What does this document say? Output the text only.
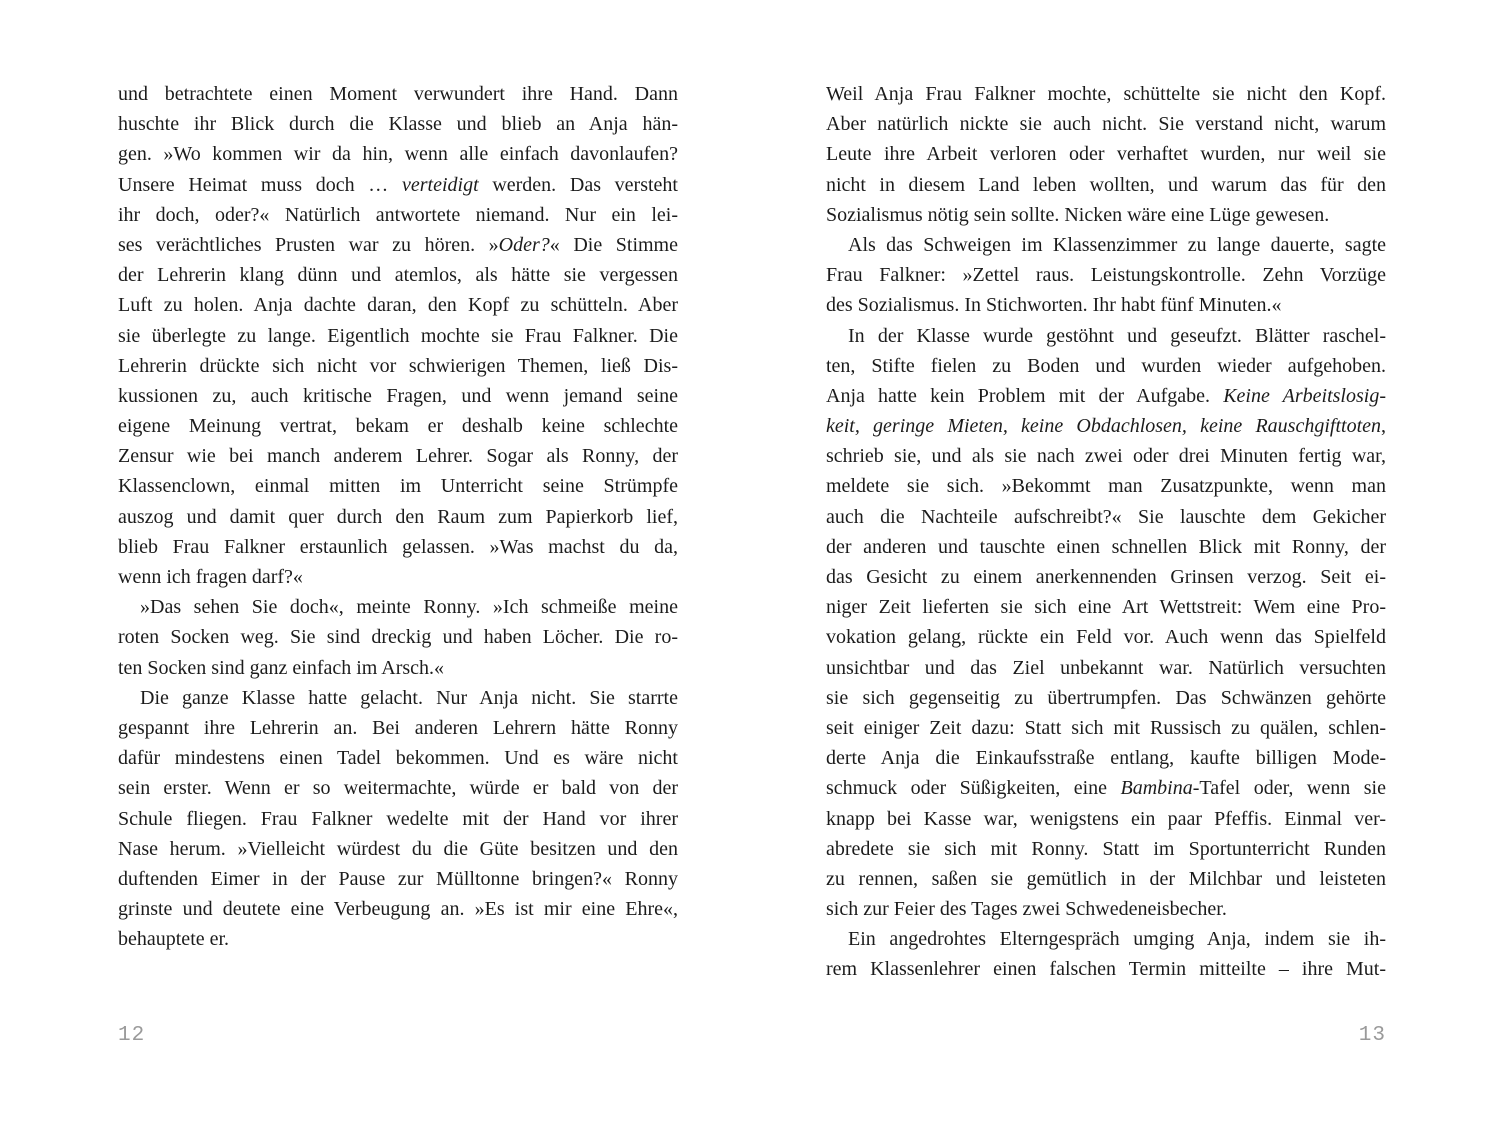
und betrachtete einen Moment verwundert ihre Hand. Dann
huschte ihr Blick durch die Klasse und blieb an Anja hän-
gen. »Wo kommen wir da hin, wenn alle einfach davonlaufen?
Unsere Heimat muss doch … verteidigt werden. Das versteht
ihr doch, oder?« Natürlich antwortete niemand. Nur ein lei-
ses verächtliches Prusten war zu hören. »Oder?« Die Stimme
der Lehrerin klang dünn und atemlos, als hätte sie vergessen
Luft zu holen. Anja dachte daran, den Kopf zu schütteln. Aber
sie überlegte zu lange. Eigentlich mochte sie Frau Falkner. Die
Lehrerin drückte sich nicht vor schwierigen Themen, ließ Dis-
kussionen zu, auch kritische Fragen, und wenn jemand seine
eigene Meinung vertrat, bekam er deshalb keine schlechte
Zensur wie bei manch anderem Lehrer. Sogar als Ronny, der
Klassenclown, einmal mitten im Unterricht seine Strümpfe
auszog und damit quer durch den Raum zum Papierkorb lief,
blieb Frau Falkner erstaunlich gelassen. »Was machst du da,
wenn ich fragen darf?«
»Das sehen Sie doch«, meinte Ronny. »Ich schmeiße meine
roten Socken weg. Sie sind dreckig und haben Löcher. Die ro-
ten Socken sind ganz einfach im Arsch.«
Die ganze Klasse hatte gelacht. Nur Anja nicht. Sie starrte
gespannt ihre Lehrerin an. Bei anderen Lehrern hätte Ronny
dafür mindestens einen Tadel bekommen. Und es wäre nicht
sein erster. Wenn er so weitermachte, würde er bald von der
Schule fliegen. Frau Falkner wedelte mit der Hand vor ihrer
Nase herum. »Vielleicht würdest du die Güte besitzen und den
duftenden Eimer in der Pause zur Mülltonne bringen?« Ronny
grinste und deutete eine Verbeugung an. »Es ist mir eine Ehre«,
behauptete er.
12
Weil Anja Frau Falkner mochte, schüttelte sie nicht den Kopf.
Aber natürlich nickte sie auch nicht. Sie verstand nicht, warum
Leute ihre Arbeit verloren oder verhaftet wurden, nur weil sie
nicht in diesem Land leben wollten, und warum das für den
Sozialismus nötig sein sollte. Nicken wäre eine Lüge gewesen.
Als das Schweigen im Klassenzimmer zu lange dauerte, sagte
Frau Falkner: »Zettel raus. Leistungskontrolle. Zehn Vorzüge
des Sozialismus. In Stichworten. Ihr habt fünf Minuten.«
In der Klasse wurde gestöhnt und geseufzt. Blätter raschel-
ten, Stifte fielen zu Boden und wurden wieder aufgehoben.
Anja hatte kein Problem mit der Aufgabe. Keine Arbeitslosig-
keit, geringe Mieten, keine Obdachlosen, keine Rauschgifttoten,
schrieb sie, und als sie nach zwei oder drei Minuten fertig war,
meldete sie sich. »Bekommt man Zusatzpunkte, wenn man
auch die Nachteile aufschreibt?« Sie lauschte dem Gekicher
der anderen und tauschte einen schnellen Blick mit Ronny, der
das Gesicht zu einem anerkennenden Grinsen verzog. Seit ei-
niger Zeit lieferten sie sich eine Art Wettstreit: Wem eine Pro-
vokation gelang, rückte ein Feld vor. Auch wenn das Spielfeld
unsichtbar und das Ziel unbekannt war. Natürlich versuchten
sie sich gegenseitig zu übertrumpfen. Das Schwänzen gehörte
seit einiger Zeit dazu: Statt sich mit Russisch zu quälen, schlen-
derte Anja die Einkaufsstraße entlang, kaufte billigen Mode-
schmuck oder Süßigkeiten, eine Bambina-Tafel oder, wenn sie
knapp bei Kasse war, wenigstens ein paar Pfeffis. Einmal ver-
abredete sie sich mit Ronny. Statt im Sportunterricht Runden
zu rennen, saßen sie gemütlich in der Milchbar und leisteten
sich zur Feier des Tages zwei Schwedeneisbecher.
Ein angedrohtes Elterngespräch umging Anja, indem sie ih-
rem Klassenlehrer einen falschen Termin mitteilte – ihre Mut-
13
